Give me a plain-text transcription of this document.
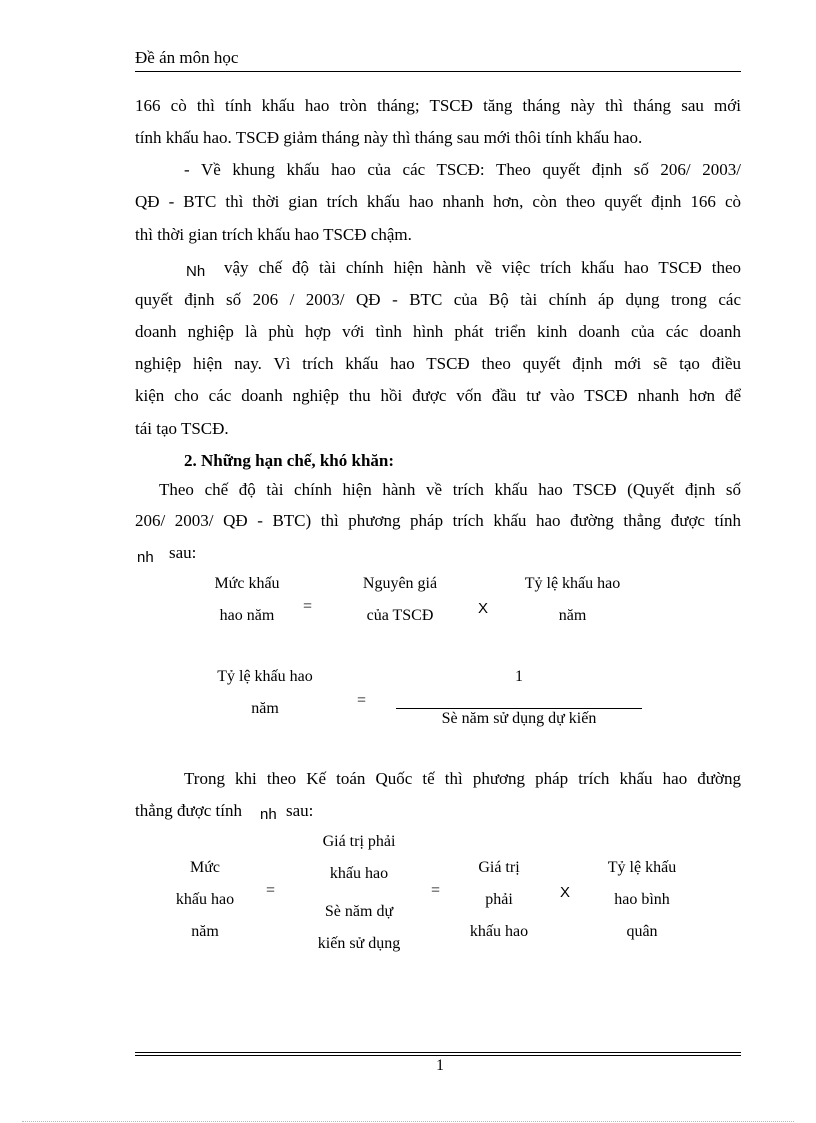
Đề án môn học
166 cò thì tính khấu hao tròn tháng; TSCĐ tăng tháng này thì tháng sau mới
tính khấu hao. TSCĐ giảm tháng này thì tháng sau mới thôi tính khấu hao.
- Về khung khấu hao của các TSCĐ: Theo quyết định số 206/ 2003/
QĐ - BTC thì thời gian trích khấu hao nhanh hơn, còn theo quyết định 166 cò
thì thời gian trích khấu hao TSCĐ chậm.
Nh vậy chế độ tài chính hiện hành về việc trích khấu hao TSCĐ theo
quyết định số 206 / 2003/ QĐ - BTC của Bộ tài chính áp dụng trong các
doanh nghiệp là phù hợp với tình hình phát triển kinh doanh của các doanh
nghiệp hiện nay. Vì trích khấu hao TSCĐ theo quyết định mới sẽ tạo điều
kiện cho các doanh nghiệp thu hồi được vốn đầu tư vào TSCĐ nhanh hơn để
tái tạo TSCĐ.
2. Những hạn chế, khó khăn:
Theo chế độ tài chính hiện hành về trích khấu hao TSCĐ (Quyết định số
206/ 2003/ QĐ - BTC) thì phương pháp trích khấu hao đường thẳng được tính
nh sau:
Mức khấu
hao năm
=
Nguyên giá
của TSCĐ	X
Tỷ lệ khấu hao
năm
Tỷ lệ khấu hao
năm	=
1
Sè năm sử dụng dự kiến
Trong khi theo Kế toán Quốc tế thì phương pháp trích khấu hao đường
thẳng được tính nh sau:
Mức
khấu hao
năm
=
Giá trị phải
khấu hao
Sè năm dự
kiến sử dụng
=
Giá trị
phải
khấu hao
X
Tỷ lệ khấu
hao bình
quân
1
